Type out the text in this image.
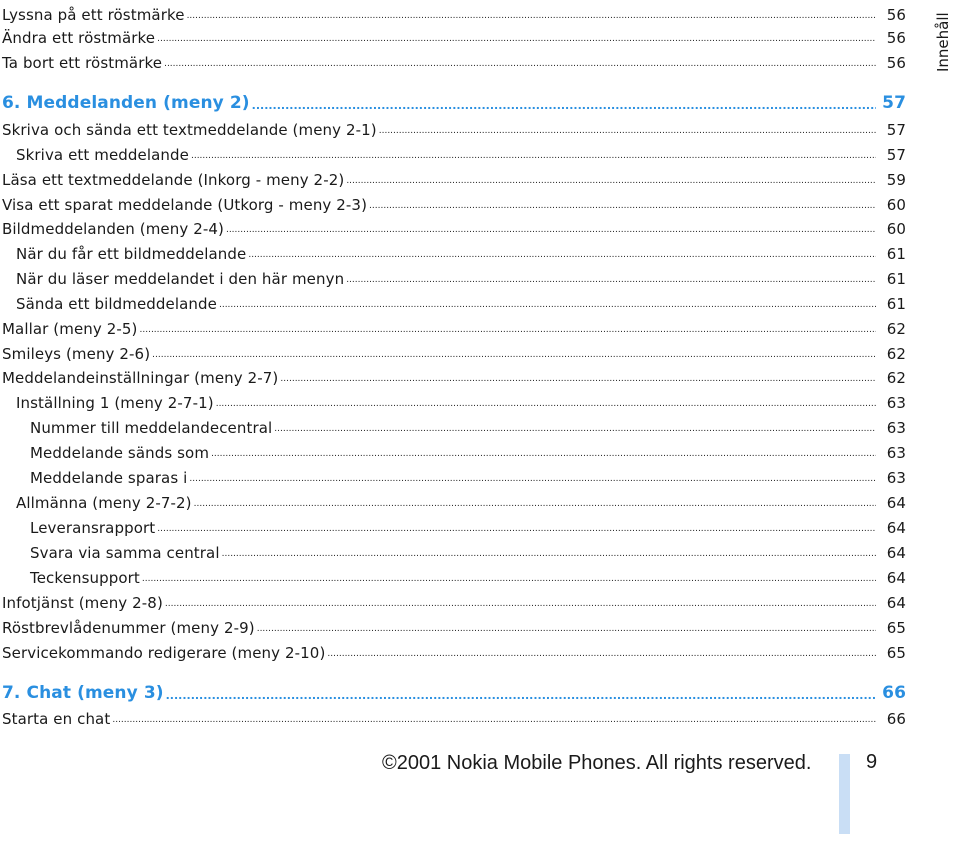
Innehåll
Lyssna på ett röstmärke .....	56
Ändra ett röstmärke .....	56
Ta bort ett röstmärke .....	56
6. Meddelanden (meny 2) .....	57
Skriva och sända ett textmeddelande (meny 2-1) .....	57
Skriva ett meddelande .....	57
Läsa ett textmeddelande (Inkorg - meny 2-2) .....	59
Visa ett sparat meddelande (Utkorg - meny 2-3) .....	60
Bildmeddelanden (meny 2-4) .....	60
När du får ett bildmeddelande .....	61
När du läser meddelandet i den här menyn .....	61
Sända ett bildmeddelande .....	61
Mallar (meny 2-5) .....	62
Smileys (meny 2-6) .....	62
Meddelandeinställningar (meny 2-7) .....	62
Inställning 1 (meny 2-7-1) .....	63
Nummer till meddelandecentral .....	63
Meddelande sänds som .....	63
Meddelande sparas i .....	63
Allmänna (meny 2-7-2) .....	64
Leveransrapport .....	64
Svara via samma central .....	64
Teckensupport .....	64
Infotjänst (meny 2-8) .....	64
Röstbrevlådenummer (meny 2-9) .....	65
Servicekommando redigerare (meny 2-10) .....	65
7. Chat (meny 3) .....	66
Starta en chat .....	66
©2001 Nokia Mobile Phones. All rights reserved.	9
